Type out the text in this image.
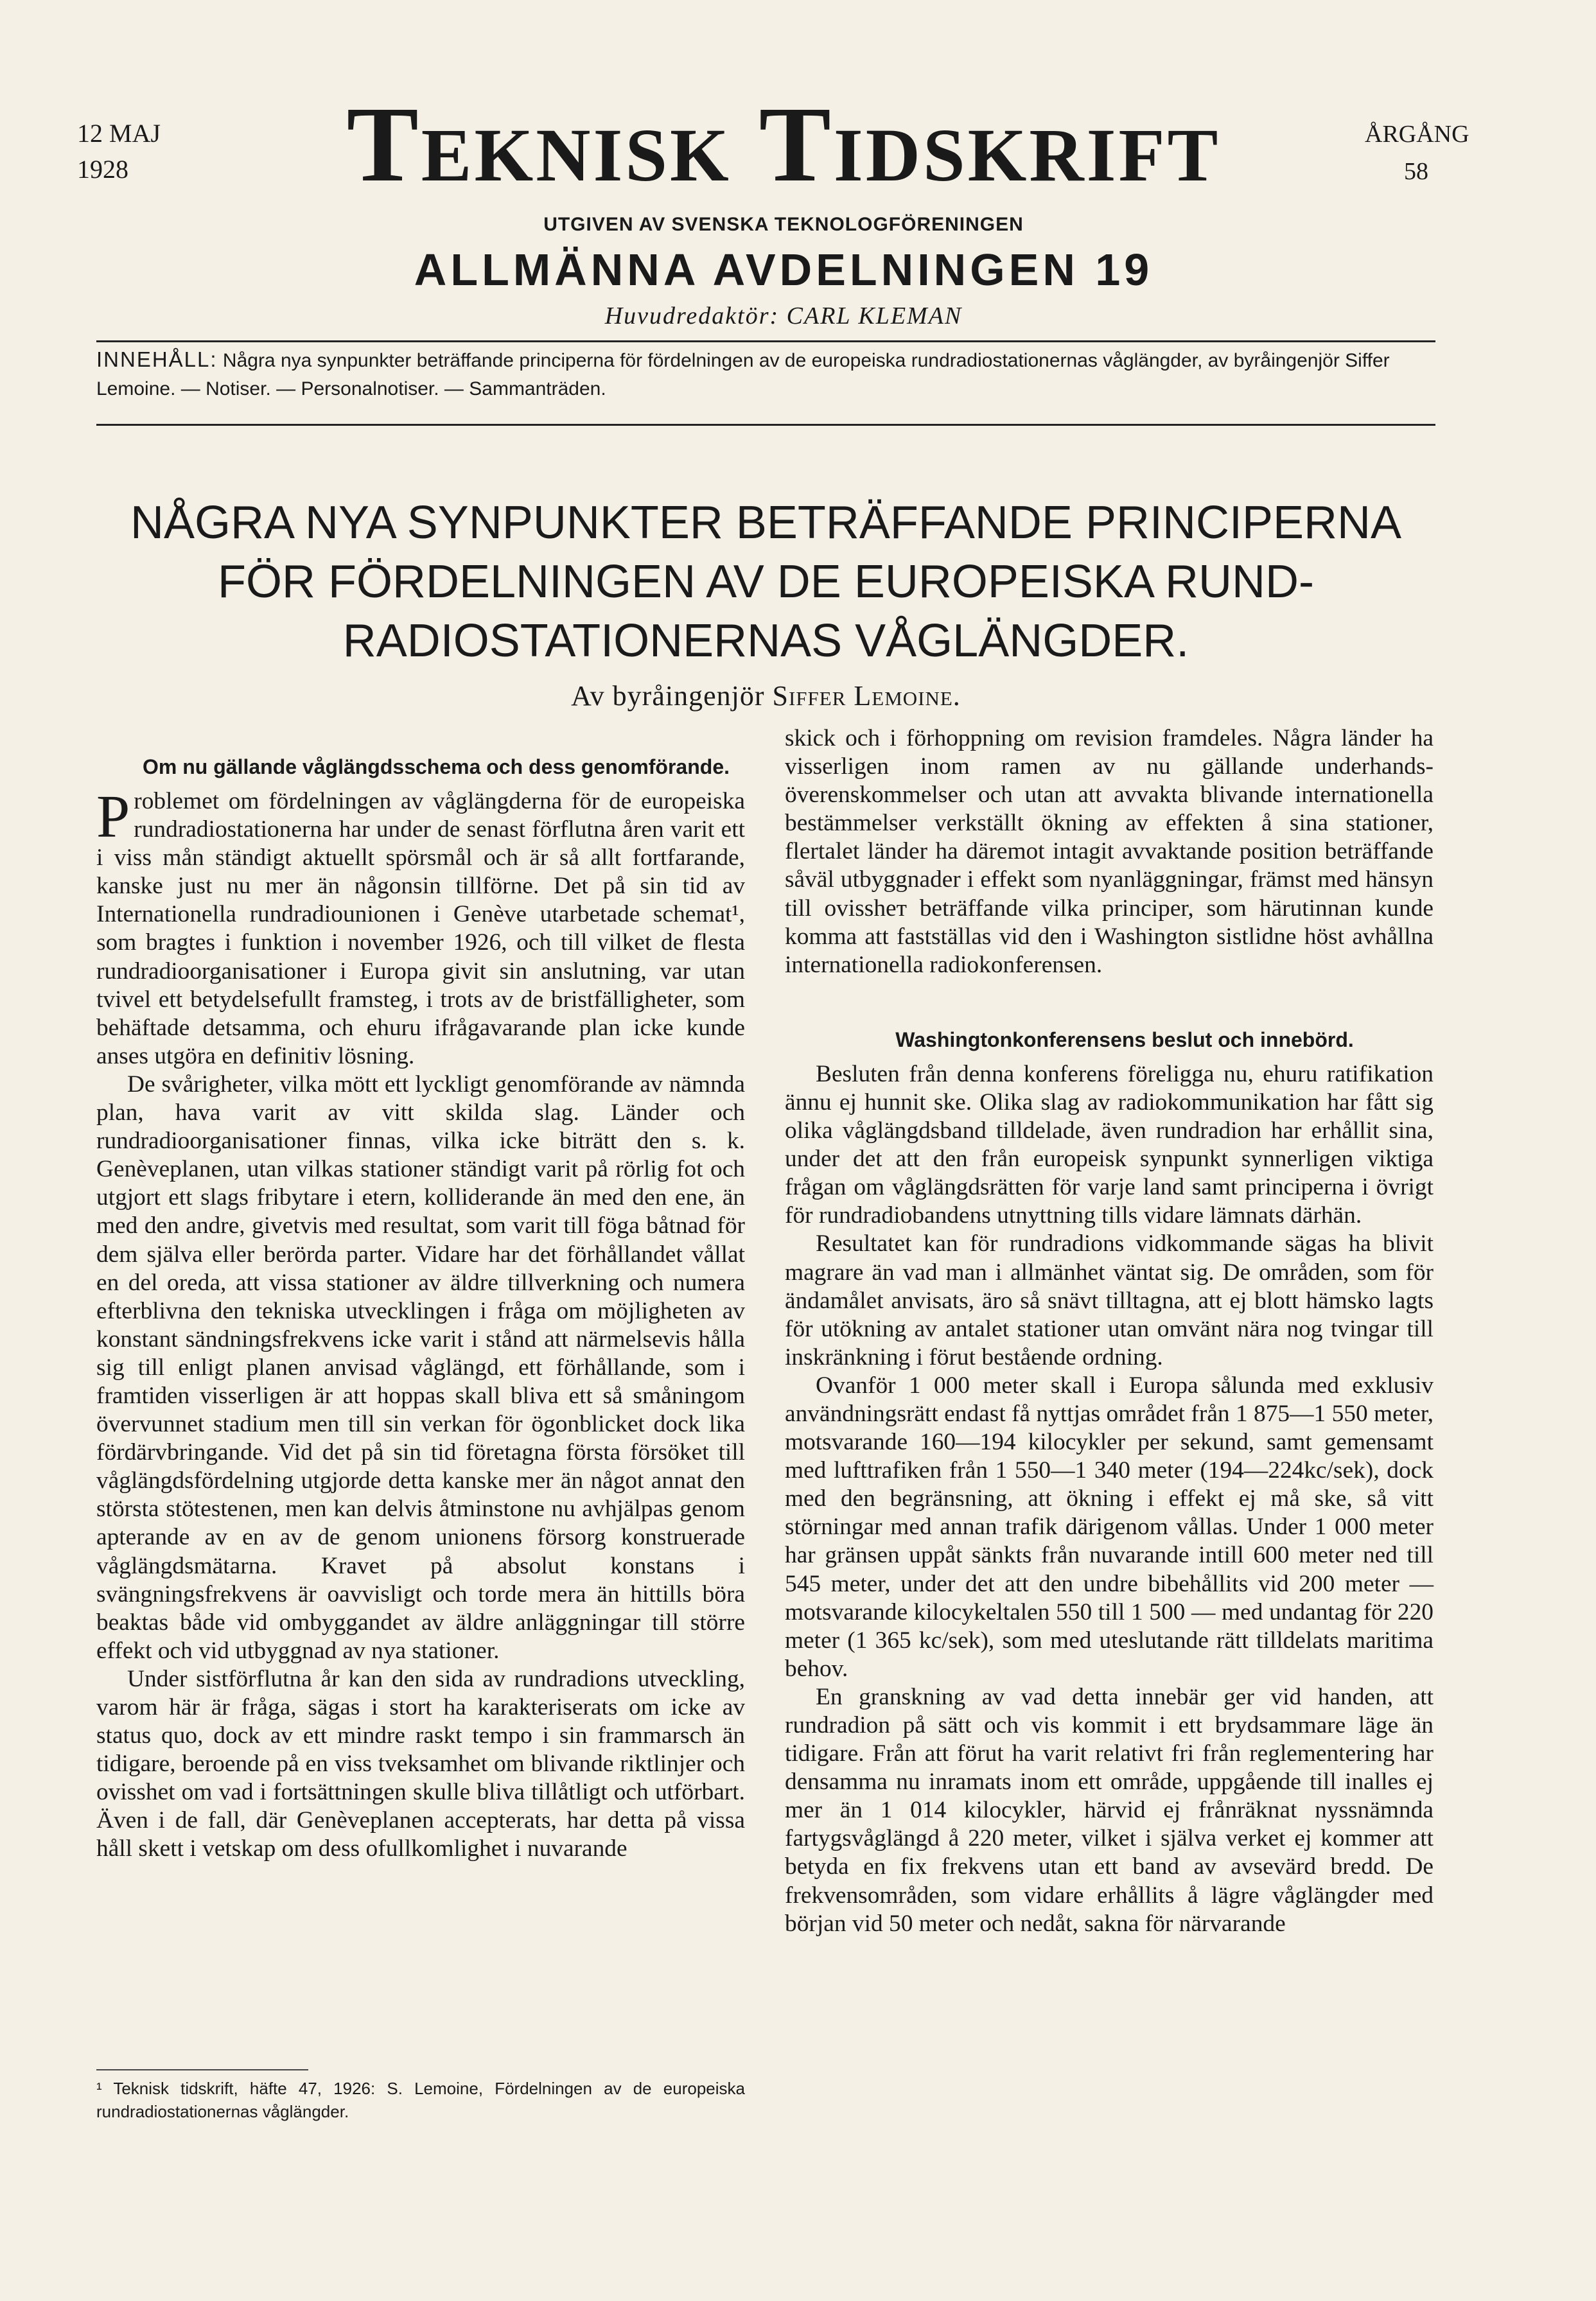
12 MAJ
1928	Teknisk Tidskrift	ÅRGÅNG
58
UTGIVEN AV SVENSKA TEKNOLOGFÖRENINGEN
ALLMÄNNA AVDELNINGEN 19
Huvudredaktör: CARL KLEMAN
INNEHÅLL: Några nya synpunkter beträffande principerna för fördelningen av de europeiska rundradiostationernas våglängder, av byråingenjör Siffer Lemoine. — Notiser. — Personalnotiser. — Sammanträden.
NÅGRA NYA SYNPUNKTER BETRÄFFANDE PRINCIPERNA
FÖR FÖRDELNINGEN AV DE EUROPEISKA RUND-
RADIOSTATIONERNAS VÅGLÄNGDER.
Av byråingenjör Siffer Lemoine.

Om nu gällande våglängdsschema och dess genomförande.

Problemet om fördelningen av våglängderna för de europeiska rundradiostationerna har under de senast förflutna åren varit ett i viss mån ständigt aktuellt spörsmål och är så allt fortfarande, kanske just nu mer än någonsin tillförne. Det på sin tid av Internationella rundradiounionen i Genève utarbetade schemat¹, som bragtes i funktion i november 1926, och till vilket de flesta rundradioorganisationer i Europa givit sin anslutning, var utan tvivel ett betydelsefullt framsteg, i trots av de bristfälligheter, som behäftade detsamma, och ehuru ifrågavarande plan icke kunde anses utgöra en definitiv lösning.

De svårigheter, vilka mött ett lyckligt genomförande av nämnda plan, hava varit av vitt skilda slag. Länder och rundradioorganisationer finnas, vilka icke biträtt den s. k. Genèveplanen, utan vilkas stationer ständigt varit på rörlig fot och utgjort ett slags fribytare i etern, kolliderande än med den ene, än med den andre, givetvis med resultat, som varit till föga båtnad för dem själva eller berörda parter. Vidare har det förhållandet vållat en del oreda, att vissa stationer av äldre tillverkning och numera efterblivna den tekniska utvecklingen i fråga om möjligheten av konstant sändningsfrekvens icke varit i stånd att närmelsevis hålla sig till enligt planen anvisad våglängd, ett förhållande, som i framtiden visserligen är att hoppas skall bliva ett så småningom övervunnet stadium men till sin verkan för ögonblicket dock lika fördärvbringande. Vid det på sin tid företagna första försöket till våglängdsfördelning utgjorde detta kanske mer än något annat den största stötestenen, men kan delvis åtminstone nu avhjälpas genom apterande av en av de genom unionens försorg konstruerade våglängdsmätarna. Kravet på absolut konstans i svängningsfrekvens är oavvisligt och torde mera än hittills böra beaktas både vid ombyggandet av äldre anläggningar till större effekt och vid utbyggnad av nya stationer.

Under sistförflutna år kan den sida av rundradions utveckling, varom här är fråga, sägas i stort ha karakteriserats om icke av status quo, dock av ett mindre raskt tempo i sin frammarsch än tidigare, beroende på en viss tveksamhet om blivande riktlinjer och ovisshet om vad i fortsättningen skulle bliva tillåtligt och utförbart. Även i de fall, där Genèveplanen accepterats, har detta på vissa håll skett i vetskap om dess ofullkomlighet i nuvarande

skick och i förhoppning om revision framdeles. Några länder ha visserligen inom ramen av nu gällande underhands-överenskommelser och utan att avvakta blivande internationella bestämmelser verkställt ökning av effekten å sina stationer, flertalet länder ha däremot intagit avvaktande position beträffande såväl utbyggnader i effekt som nyanläggningar, främst med hänsyn till ovissheт beträffande vilka principer, som härutinnan kunde komma att fastställas vid den i Washington sistlidne höst avhållna internationella radiokonferensen.

Washingtonkonferensens beslut och innebörd.

Besluten från denna konferens föreligga nu, ehuru ratifikation ännu ej hunnit ske. Olika slag av radiokommunikation har fått sig olika våglängdsband tilldelade, även rundradion har erhållit sina, under det att den från europeisk synpunkt synnerligen viktiga frågan om våglängdsrätten för varje land samt principerna i övrigt för rundradiobandens utnyttning tills vidare lämnats därhän.

Resultatet kan för rundradions vidkommande sägas ha blivit magrare än vad man i allmänhet väntat sig. De områden, som för ändamålet anvisats, äro så snävt tilltagna, att ej blott hämsko lagts för utökning av antalet stationer utan omvänt nära nog tvingar till inskränkning i förut bestående ordning.

Ovanför 1 000 meter skall i Europa sålunda med exklusiv användningsrätt endast få nyttjas området från 1 875—1 550 meter, motsvarande 160—194 kilocykler per sekund, samt gemensamt med lufttrafiken från 1 550—1 340 meter (194—224kc/sek), dock med den begränsning, att ökning i effekt ej må ske, så vitt störningar med annan trafik därigenom vållas. Under 1 000 meter har gränsen uppåt sänkts från nuvarande intill 600 meter ned till 545 meter, under det att den undre bibehållits vid 200 meter — motsvarande kilocykeltalen 550 till 1 500 — med undantag för 220 meter (1 365 kc/sek), som med uteslutande rätt tilldelats maritima behov.

En granskning av vad detta innebär ger vid handen, att rundradion på sätt och vis kommit i ett brydsammare läge än tidigare. Från att förut ha varit relativt fri från reglementering har densamma nu inramats inom ett område, uppgående till inalles ej mer än 1 014 kilocykler, härvid ej frånräknat nyssnämnda fartygsvåglängd å 220 meter, vilket i själva verket ej kommer att betyda en fix frekvens utan ett band av avsevärd bredd. De frekvensområden, som vidare erhållits å lägre våglängder med början vid 50 meter och nedåt, sakna för närvarande

¹ Teknisk tidskrift, häfte 47, 1926: S. Lemoine, Fördelningen av de europeiska rundradiostationernas våglängder.
